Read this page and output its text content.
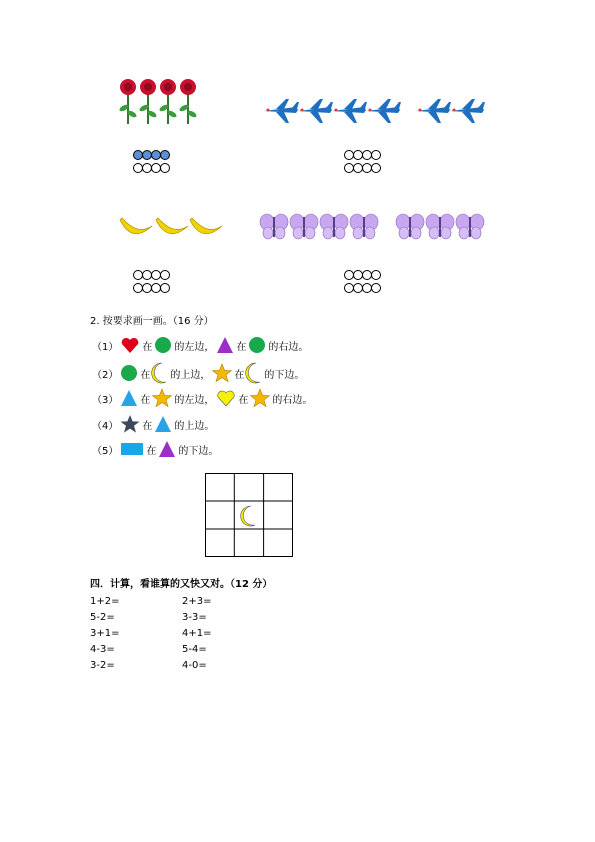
2. 按要求画一画。（16 分）
（1） 在 的左边， 在 的右边。
（2） 在 的上边， 在 的下边。
（3） 在 的左边， 在 的右边。
（4） 在 的上边。
（5）	在 的下边。
四．计算，看谁算的又快又对。（12 分）
1+2=
5-2=
3+1=
4-3=
3-2=
2+3=
3-3=
4+1=
5-4=
4-0=
